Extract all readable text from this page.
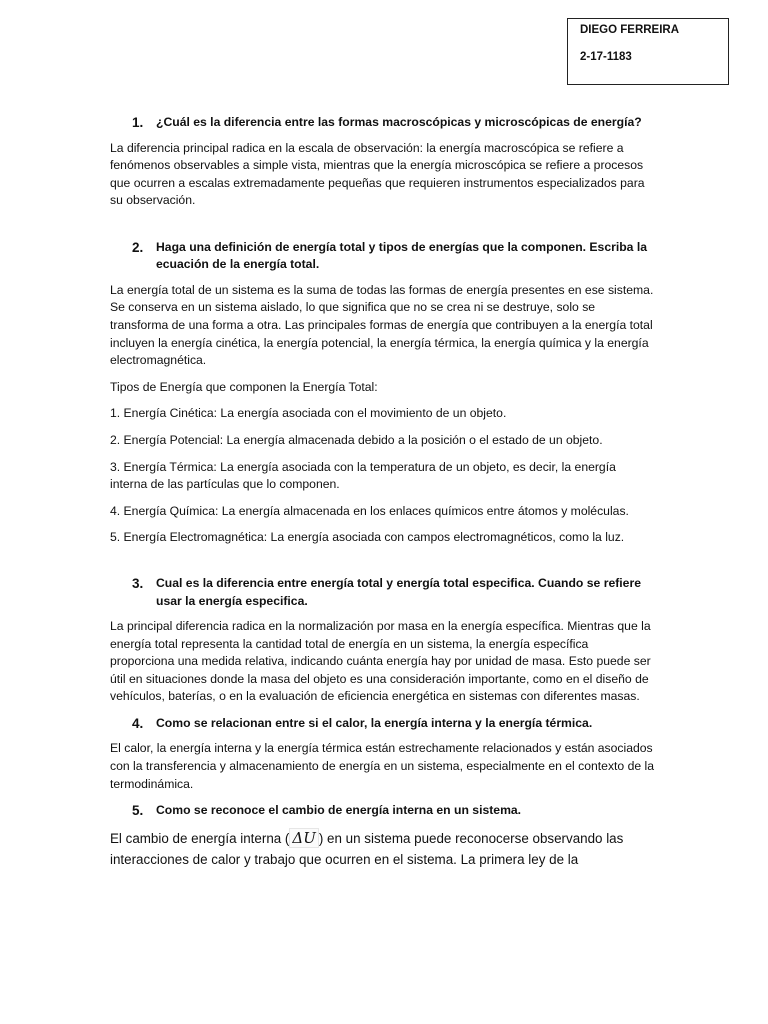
DIEGO FERREIRA
2-17-1183
1.	¿Cuál es la diferencia entre las formas macroscópicas y microscópicas de energía?

La diferencia principal radica en la escala de observación: la energía macroscópica se refiere a fenómenos observables a simple vista, mientras que la energía microscópica se refiere a procesos que ocurren a escalas extremadamente pequeñas que requieren instrumentos especializados para su observación.

2.	Haga una definición de energía total y tipos de energías que la componen. Escriba la ecuación de la energía total.

La energía total de un sistema es la suma de todas las formas de energía presentes en ese sistema. Se conserva en un sistema aislado, lo que significa que no se crea ni se destruye, solo se transforma de una forma a otra. Las principales formas de energía que contribuyen a la energía total incluyen la energía cinética, la energía potencial, la energía térmica, la energía química y la energía electromagnética.

Tipos de Energía que componen la Energía Total:

1. Energía Cinética: La energía asociada con el movimiento de un objeto.

2. Energía Potencial: La energía almacenada debido a la posición o el estado de un objeto.

3. Energía Térmica: La energía asociada con la temperatura de un objeto, es decir, la energía interna de las partículas que lo componen.

4. Energía Química: La energía almacenada en los enlaces químicos entre átomos y moléculas.

5. Energía Electromagnética: La energía asociada con campos electromagnéticos, como la luz.

3.	Cual es la diferencia entre energía total y energía total especifica. Cuando se refiere usar la energía especifica.

La principal diferencia radica en la normalización por masa en la energía específica. Mientras que la energía total representa la cantidad total de energía en un sistema, la energía específica proporciona una medida relativa, indicando cuánta energía hay por unidad de masa. Esto puede ser útil en situaciones donde la masa del objeto es una consideración importante, como en el diseño de vehículos, baterías, o en la evaluación de eficiencia energética en sistemas con diferentes masas.

4.	Como se relacionan entre si el calor, la energía interna y la energía térmica.

El calor, la energía interna y la energía térmica están estrechamente relacionados y están asociados con la transferencia y almacenamiento de energía en un sistema, especialmente en el contexto de la termodinámica.

5.	Como se reconoce el cambio de energía interna en un sistema.

El cambio de energía interna ( ΔU ) en un sistema puede reconocerse observando las interacciones de calor y trabajo que ocurren en el sistema. La primera ley de la
